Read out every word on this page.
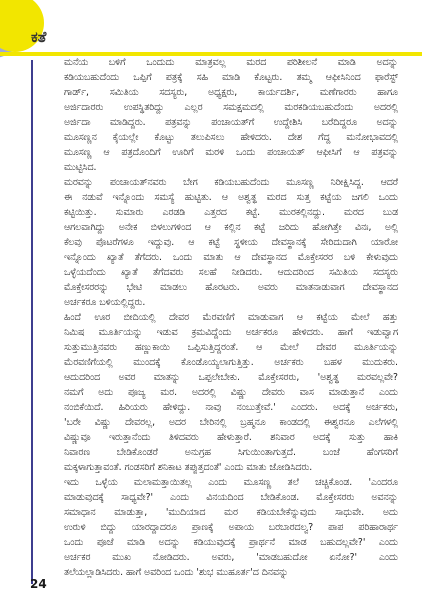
ಕತೆ
ಮನೆಯ ಬಳಿಗೆ ಒಂದುದು ಮಾತ್ರವಲ್ಲ ಮರದ ಪರಿಶೀಲನೆ ಮಾಡಿ ಅದನ್ನು
ಕಡಿಯಬಹುದೆಂದು ಒಪ್ಪಿಗೆ ಪತ್ರಕ್ಕೆ ಸಹಿ ಮಾಡಿ ಕೊಟ್ಟರು. ತಮ್ಮ ಆಫೀಸಿನಿಂದ ಫಾರೆಸ್ಟ್
ಗಾರ್ಡ್, ಸಮಿತಿಯ ಸದಸ್ಯರು, ಅಧ್ಯಕ್ಷರು, ಕಾರ್ಯದರ್ಶಿ, ಮಣೆಗಾರರು ಹಾಗೂ
ಅರ್ಜಿದಾರರು ಉಪಸ್ಥಿತರಿದ್ದು ಎಲ್ಲರ ಸಮಕ್ಷಮದಲ್ಲಿ ಮರಕಡಿಯಬಹುದೆಂದು ಅದರಲ್ಲಿ
ಅರ್ಜಿದಾ ಮಾಡಿದ್ದರು. ಪತ್ರವನ್ನು ಪಂಚಾಯತ್‌ಗೆ ಉದ್ದೇಶಿಸಿ ಬರೆದಿದ್ದರೂ ಅದನ್ನು
ಮೂಸಣ್ಣನ ಕೈಯಲ್ಲೇ ಕೊಟ್ಟು ತಲುಪಿಸಲು ಹೇಳಿದರು. ದೇಶ ಗೆದ್ದ ಮನೋಭಾವದಲ್ಲಿ
ಮೂಸಣ್ಣ ಆ ಪತ್ರದೊಂದಿಗೆ ಊರಿಗೆ ಮರಳಿ ಒಂದು ಪಂಚಾಯತ್ ಆಫೀಸಿಗೆ ಆ ಪತ್ರವನ್ನು
ಮುಟ್ಟಿಸಿದ.
ಮರವನ್ನು ಪಂಚಾಯತ್‌ನವರು ಬೇಗ ಕಡಿಯಬಹುದೆಂದು ಮೂಸಣ್ಣ ನಿರೀಕ್ಷಿಸಿದ್ದ. ಆದರೆ
ಈ ನಡುವೆ ಇನ್ನೊಂದು ಸಮಸ್ಯೆ ಹುಟ್ಟಿತು. ಆ ಅಶ್ವತ್ಥ ಮರದ ಸುತ್ತ ಕಟ್ಟೆಯ ಜಗಲಿ ಒಂದು
ಕಟ್ಟಿಯಿತ್ತು. ಸುಮಾರು ಎರಡಡಿ ಎತ್ತರದ ಕಟ್ಟೆ. ಮುರಕಲ್ಲಿನದ್ದು. ಮರದ ಬುಡ
ಆಗಲವಾಗಿದ್ದು ಅನೇಕ ಬಿಳಲುಗಳಿಂದ ಆ ಕಲ್ಲಿನ ಕಟ್ಟೆ ಜರಿದು ಹೋಗಿತ್ತೇ ವಿನಃ, ಅಲ್ಲಿ
ಕೆಲವು ಪೊಟರೆಗಳೂ ಇದ್ದುವು. ಆ ಕಟ್ಟೆ ಸ್ಥಳೀಯ ದೇವಸ್ಥಾನಕ್ಕೆ ಸೇರಿದುದಾಗಿ ಯಾರೋ
ಇನ್ನೊಂದು ಖ್ಯಾತೆ ತೆಗೆದರು. ಒಂದು ಮಾತು ಆ ದೇವಸ್ಥಾನದ ಮೊಕ್ತೇಸರರ ಬಳಿ ಕೇಳುವುದು
ಒಳ್ಳೆಯದೆಂದು ಖ್ಯಾತೆ ತೆಗೆದವರು ಸಲಹೆ ನೀಡಿದರು. ಆದುದರಿಂದ ಸಮಿತಿಯ ಸದಸ್ಯರು
ಮೊಕ್ತೇಸರರನ್ನು ಭೇಟಿ ಮಾಡಲು ಹೊರಟರು. ಅವರು ಮಾತನಾಡುವಾಗ ದೇವಸ್ಥಾನದ
ಅರ್ಚಕರೂ ಬಳಿಯಲ್ಲಿದ್ದರು.
ಹಿಂದೆ ಊರ ಬೀದಿಯಲ್ಲಿ ದೇವರ ಮೆರವಣಿಗೆ ಮಾಡುವಾಗ ಆ ಕಟ್ಟೆಯ ಮೇಲೆ ಹತ್ತು
ನಿಮಿಷ ಮೂರ್ತಿಯನ್ನು ಇಡುವ ಕ್ರಮವಿದ್ದೆಂದು ಅರ್ಚಕರೂ ಹೇಳಿದರು. ಹಾಗೆ ಇಡುವ್ವಾಗ
ಸುತ್ತುಮುತ್ತಿನವರು ಹಣ್ಣುಕಾಯಿ ಒಪ್ಪಿಸುತ್ತಿದ್ದರಂತೆ. ಆ ಮೇಲೆ ದೇವರ ಮೂರ್ತಿಯನ್ನು
ಮೆರವಣಿಗೆಯಲ್ಲಿ ಮುಂದಕ್ಕೆ ಕೊಂಡೊಯ್ಯಲಾಗುತ್ತಿತ್ತು. ಅರ್ಚಕರು ಬಹಳ ಮುದುಕರು.
ಆದುದರಿಂದ ಅವರ ಮಾತನ್ನು ಒಪ್ಪಲೇಬೇಕು. ಮೊಕ್ತೇಸರರು, 'ಅಶ್ವತ್ಥ ಮರವಲ್ಲವೇ?
ನಮಗೆ ಅದು ಪೂಜ್ಯ ಮರ. ಅದರಲ್ಲಿ ವಿಷ್ಣು ದೇವರು ವಾಸ ಮಾಡುತ್ತಾನೆ ಎಂದು
ನಂಬಿಕೆಯಿದೆ. ಹಿರಿಯರು ಹೇಳಿದ್ದು. ನಾವು ನಂಬುತ್ತೇವೆ.' ಎಂದರು. ಅದಕ್ಕೆ ಅರ್ಚಕರು,
'ಬರೇ ವಿಷ್ಣು ದೇವರಲ್ಲ, ಅದರ ಬೇರಿನಲ್ಲಿ ಬ್ರಹ್ಮನೂ ಕಾಂಡದಲ್ಲಿ ಈಶ್ವರನೂ ಎಲೆಗಳಲ್ಲಿ
ವಿಷ್ಣುವೂ ಇರುತ್ತಾನೆಂದು ತಿಳಿದವರು ಹೇಳುತ್ತಾರೆ. ಶನಿವಾರ ಅದಕ್ಕೆ ಸುತ್ತು ಹಾಕಿ
ನಿವಾರಣ ಬೇಡಿಕೊಂಡರೆ ಅನುಗ್ರಹ ಸಿಗುಯಿಂತಾಗುತ್ತದೆ. ಬಂಜೆ ಹೆಂಗಸರಿಗೆ
ಮಕ್ಕಳಾಗುತ್ತಾವಂತೆ. ಗಂಡಸರಿಗೆ ಶನಿಕಾಟ ತಪ್ಪುತ್ತದಂತೆ' ಎಂದು ಮಾತು ಜೋಡಿಸಿದರು.
ಇದು ಒಳ್ಳೆಯ ಮಲಾಮತ್ತಾಯಿತಲ್ಲ ಎಂದು ಮೂಸಣ್ಣ ತಲೆ ಚಚ್ಚಿಕೊಂಡ. 'ಎಂದರೂ
ಮಾಡುವುದಕ್ಕೆ ಸಾಧ್ಯವೇ?' ಎಂದು ವಿನಯದಿಂದ ಬೇಡಿಕೊಂಡ. ಮೊಕ್ತೇಸರರು ಅವನನ್ನು
ಸಮಾಧಾನ ಮಾಡುತ್ತಾ, 'ಮುದಿಯಾದ ಮರ ಕಡಿಯಬೇಕೆನ್ನುವುದು ಸಾಧುವೇ. ಅದು
ಉರುಳಿ ಬಿದ್ದು ಯಾರದ್ದಾದರೂ ಪ್ರಾಣಕ್ಕೆ ಅಪಾಯ ಬರಬಾರದಲ್ವ? ಪಾಪ ಪರಿಹಾರಾರ್ಥ
ಒಂದು ಪೂಜೆ ಮಾಡಿ ಅದನ್ನು ಕಡಿಯುವುದಕ್ಕೆ ಪ್ರಾರ್ಥನೆ ಮಾಡ ಬಹುದಲ್ಲವೇ?' ಎಂದು
ಅರ್ಚಕರ ಮುಖ ನೋಡಿದರು. ಅವರು, 'ಮಾಡಬಹುದೋ ಏನೋ?' ಎಂದು
ತಲೆಯಲ್ಲಾಡಿಸಿದರು. ಹಾಗೆ ಅವರಿಂದ ಒಂದು 'ಶುಭ ಮುಹೂರ್ತ'ದ ದಿನವನ್ನು
24
